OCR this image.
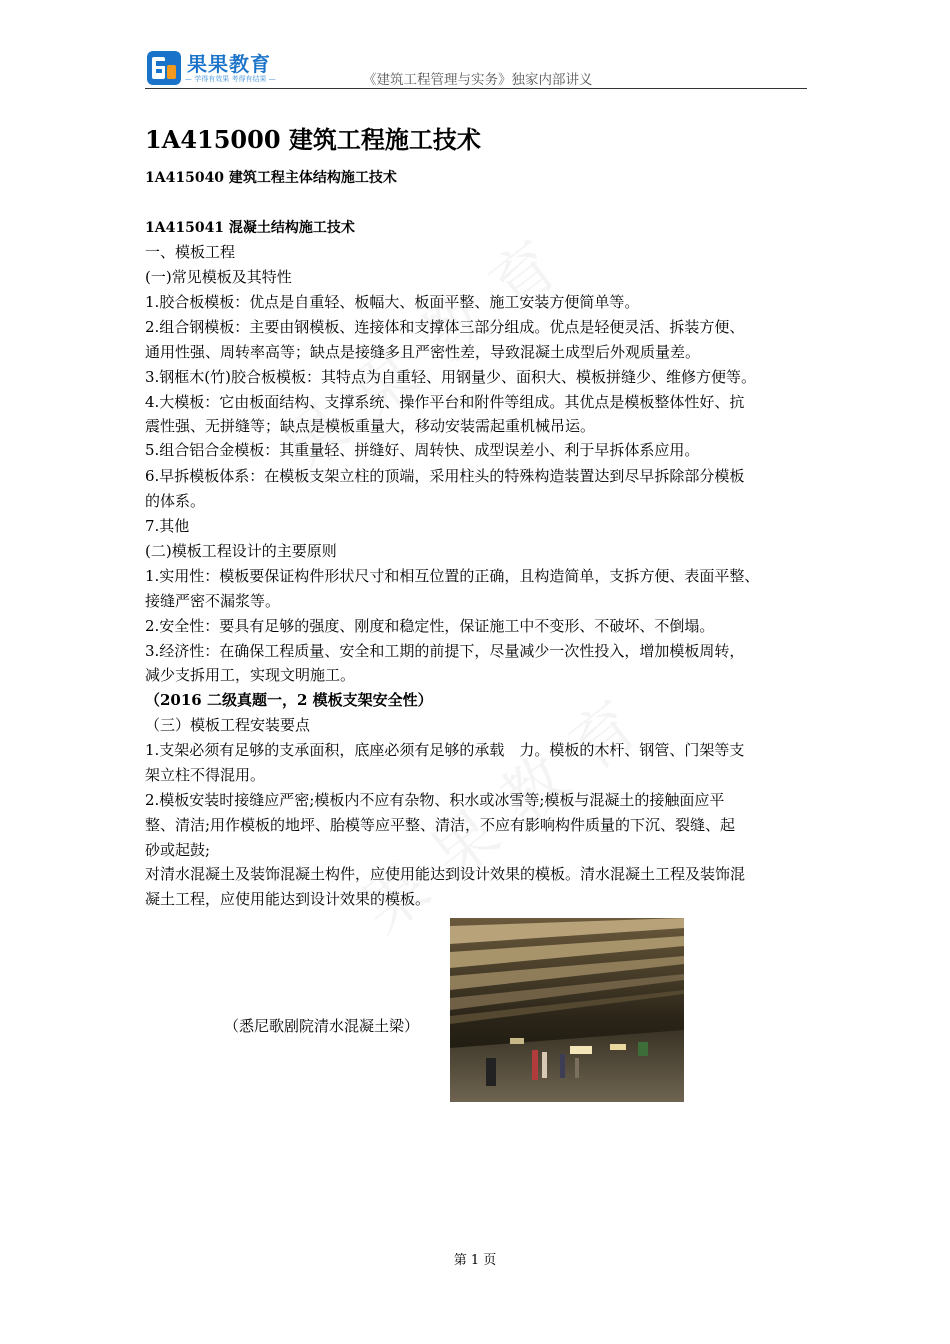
果果教育
— 学得有效果 考得有结果 —	《建筑工程管理与实务》独家内部讲义
1A415000 建筑工程施工技术
1A415040 建筑工程主体结构施工技术
1A415041 混凝土结构施工技术
一、模板工程
(一)常见模板及其特性
1.胶合板模板：优点是自重轻、板幅大、板面平整、施工安装方便简单等。
2.组合钢模板：主要由钢模板、连接体和支撑体三部分组成。优点是轻便灵活、拆装方便、
通用性强、周转率高等；缺点是接缝多且严密性差，导致混凝土成型后外观质量差。
3.钢框木(竹)胶合板模板：其特点为自重轻、用钢量少、面积大、模板拼缝少、维修方便等。
4.大模板：它由板面结构、支撑系统、操作平台和附件等组成。其优点是模板整体性好、抗
震性强、无拼缝等；缺点是模板重量大，移动安装需起重机械吊运。
5.组合铝合金模板：其重量轻、拼缝好、周转快、成型误差小、利于早拆体系应用。
6.早拆模板体系：在模板支架立柱的顶端，采用柱头的特殊构造装置达到尽早拆除部分模板
的体系。
7.其他
(二)模板工程设计的主要原则
1.实用性：模板要保证构件形状尺寸和相互位置的正确，且构造简单，支拆方便、表面平整、
接缝严密不漏浆等。
2.安全性：要具有足够的强度、刚度和稳定性，保证施工中不变形、不破坏、不倒塌。
3.经济性：在确保工程质量、安全和工期的前提下，尽量减少一次性投入，增加模板周转，
减少支拆用工，实现文明施工。
（2016 二级真题一，2 模板支架安全性）
（三）模板工程安装要点
1.支架必须有足够的支承面积，底座必须有足够的承载　力。模板的木杆、钢管、门架等支
架立柱不得混用。
2.模板安装时接缝应严密;模板内不应有杂物、积水或冰雪等;模板与混凝土的接触面应平
整、清洁;用作模板的地坪、胎模等应平整、清洁，不应有影响构件质量的下沉、裂缝、起
砂或起鼓;
对清水混凝土及装饰混凝土构件，应使用能达到设计效果的模板。清水混凝土工程及装饰混
凝土工程，应使用能达到设计效果的模板。
（悉尼歌剧院清水混凝土梁）
第 1 页
